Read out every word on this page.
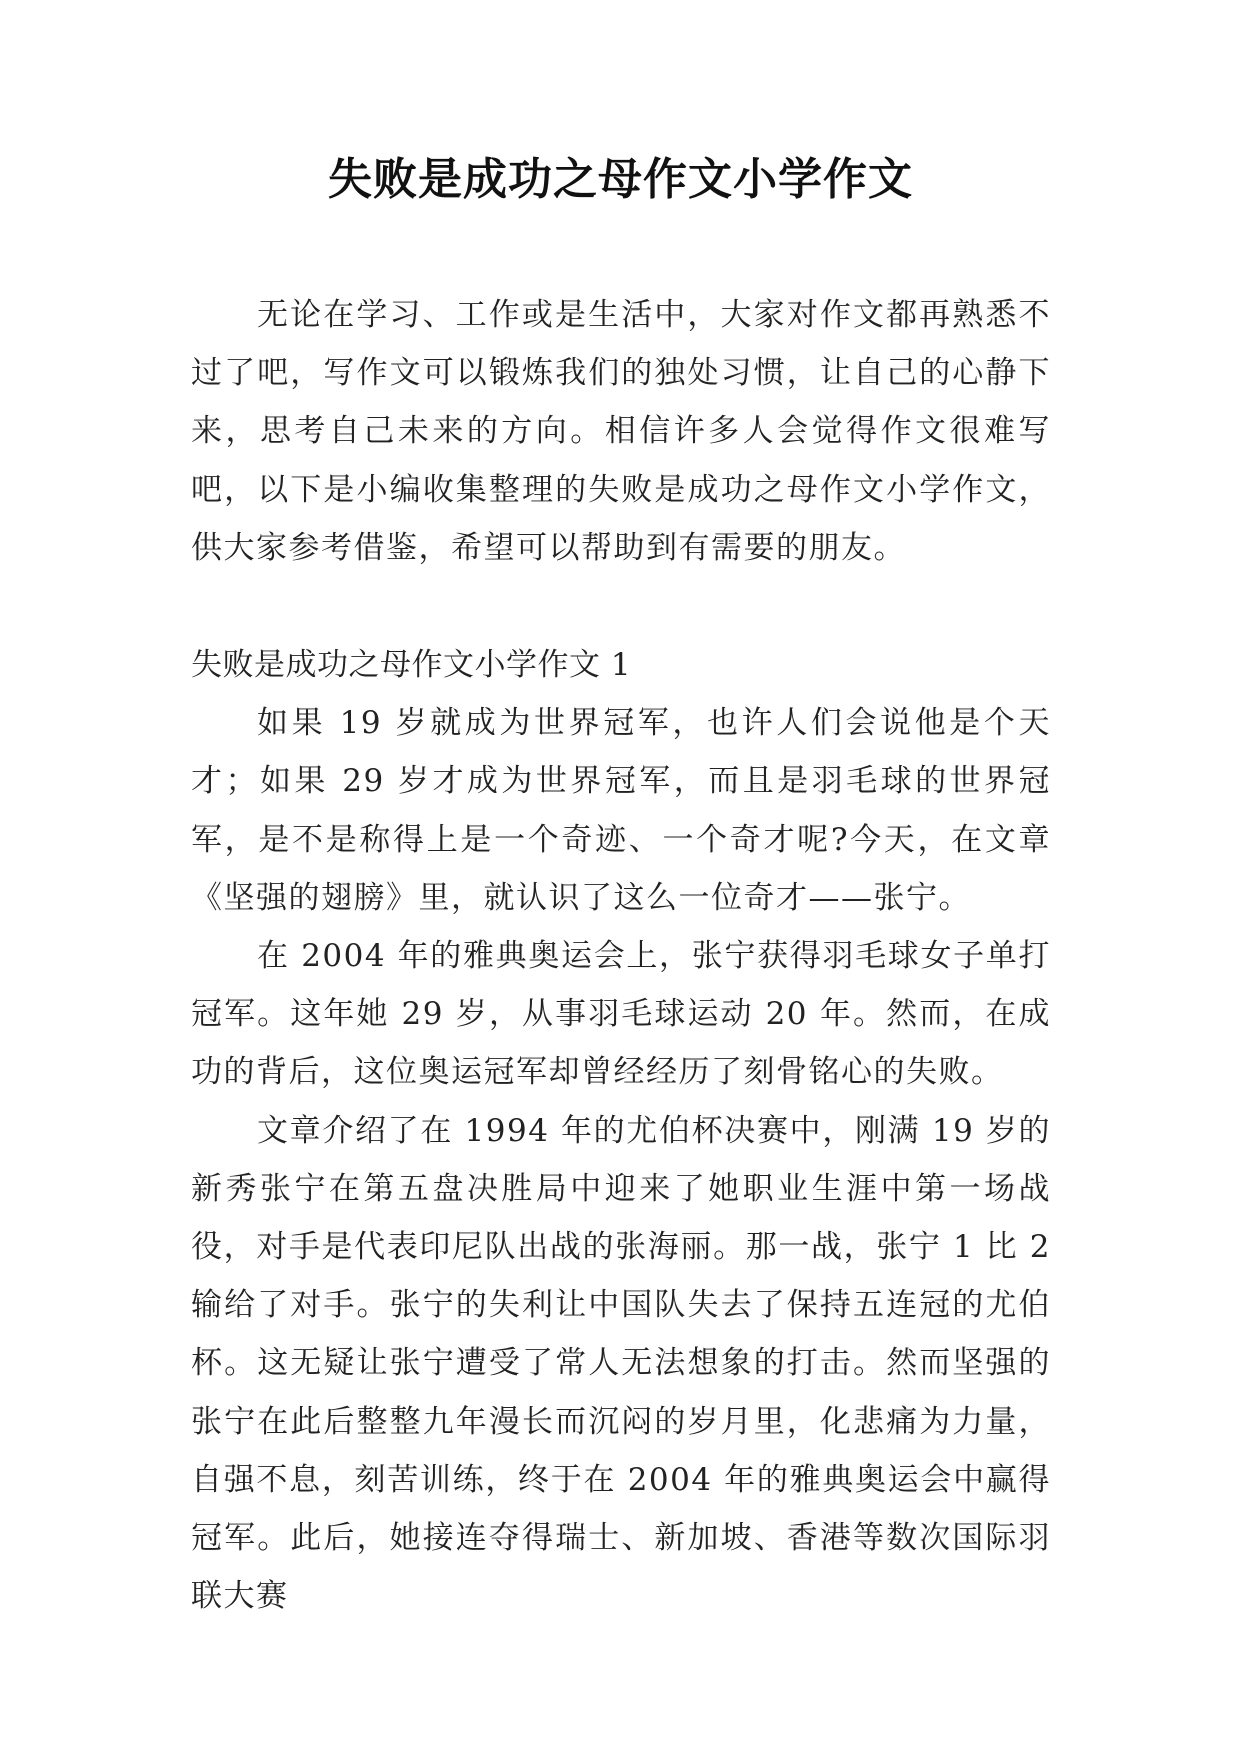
失败是成功之母作文小学作文

无论在学习、工作或是生活中，大家对作文都再熟悉不过了吧，写作文可以锻炼我们的独处习惯，让自己的心静下来，思考自己未来的方向。相信许多人会觉得作文很难写吧，以下是小编收集整理的失败是成功之母作文小学作文，供大家参考借鉴，希望可以帮助到有需要的朋友。

失败是成功之母作文小学作文 1

如果 19 岁就成为世界冠军，也许人们会说他是个天才；如果 29 岁才成为世界冠军，而且是羽毛球的世界冠军，是不是称得上是一个奇迹、一个奇才呢?今天，在文章《坚强的翅膀》里，就认识了这么一位奇才——张宁。

在 2004 年的雅典奥运会上，张宁获得羽毛球女子单打冠军。这年她 29 岁，从事羽毛球运动 20 年。然而，在成功的背后，这位奥运冠军却曾经经历了刻骨铭心的失败。

文章介绍了在 1994 年的尤伯杯决赛中，刚满 19 岁的新秀张宁在第五盘决胜局中迎来了她职业生涯中第一场战役，对手是代表印尼队出战的张海丽。那一战，张宁 1 比 2 输给了对手。张宁的失利让中国队失去了保持五连冠的尤伯杯。这无疑让张宁遭受了常人无法想象的打击。然而坚强的张宁在此后整整九年漫长而沉闷的岁月里，化悲痛为力量，自强不息，刻苦训练，终于在 2004 年的雅典奥运会中赢得冠军。此后，她接连夺得瑞士、新加坡、香港等数次国际羽联大赛
